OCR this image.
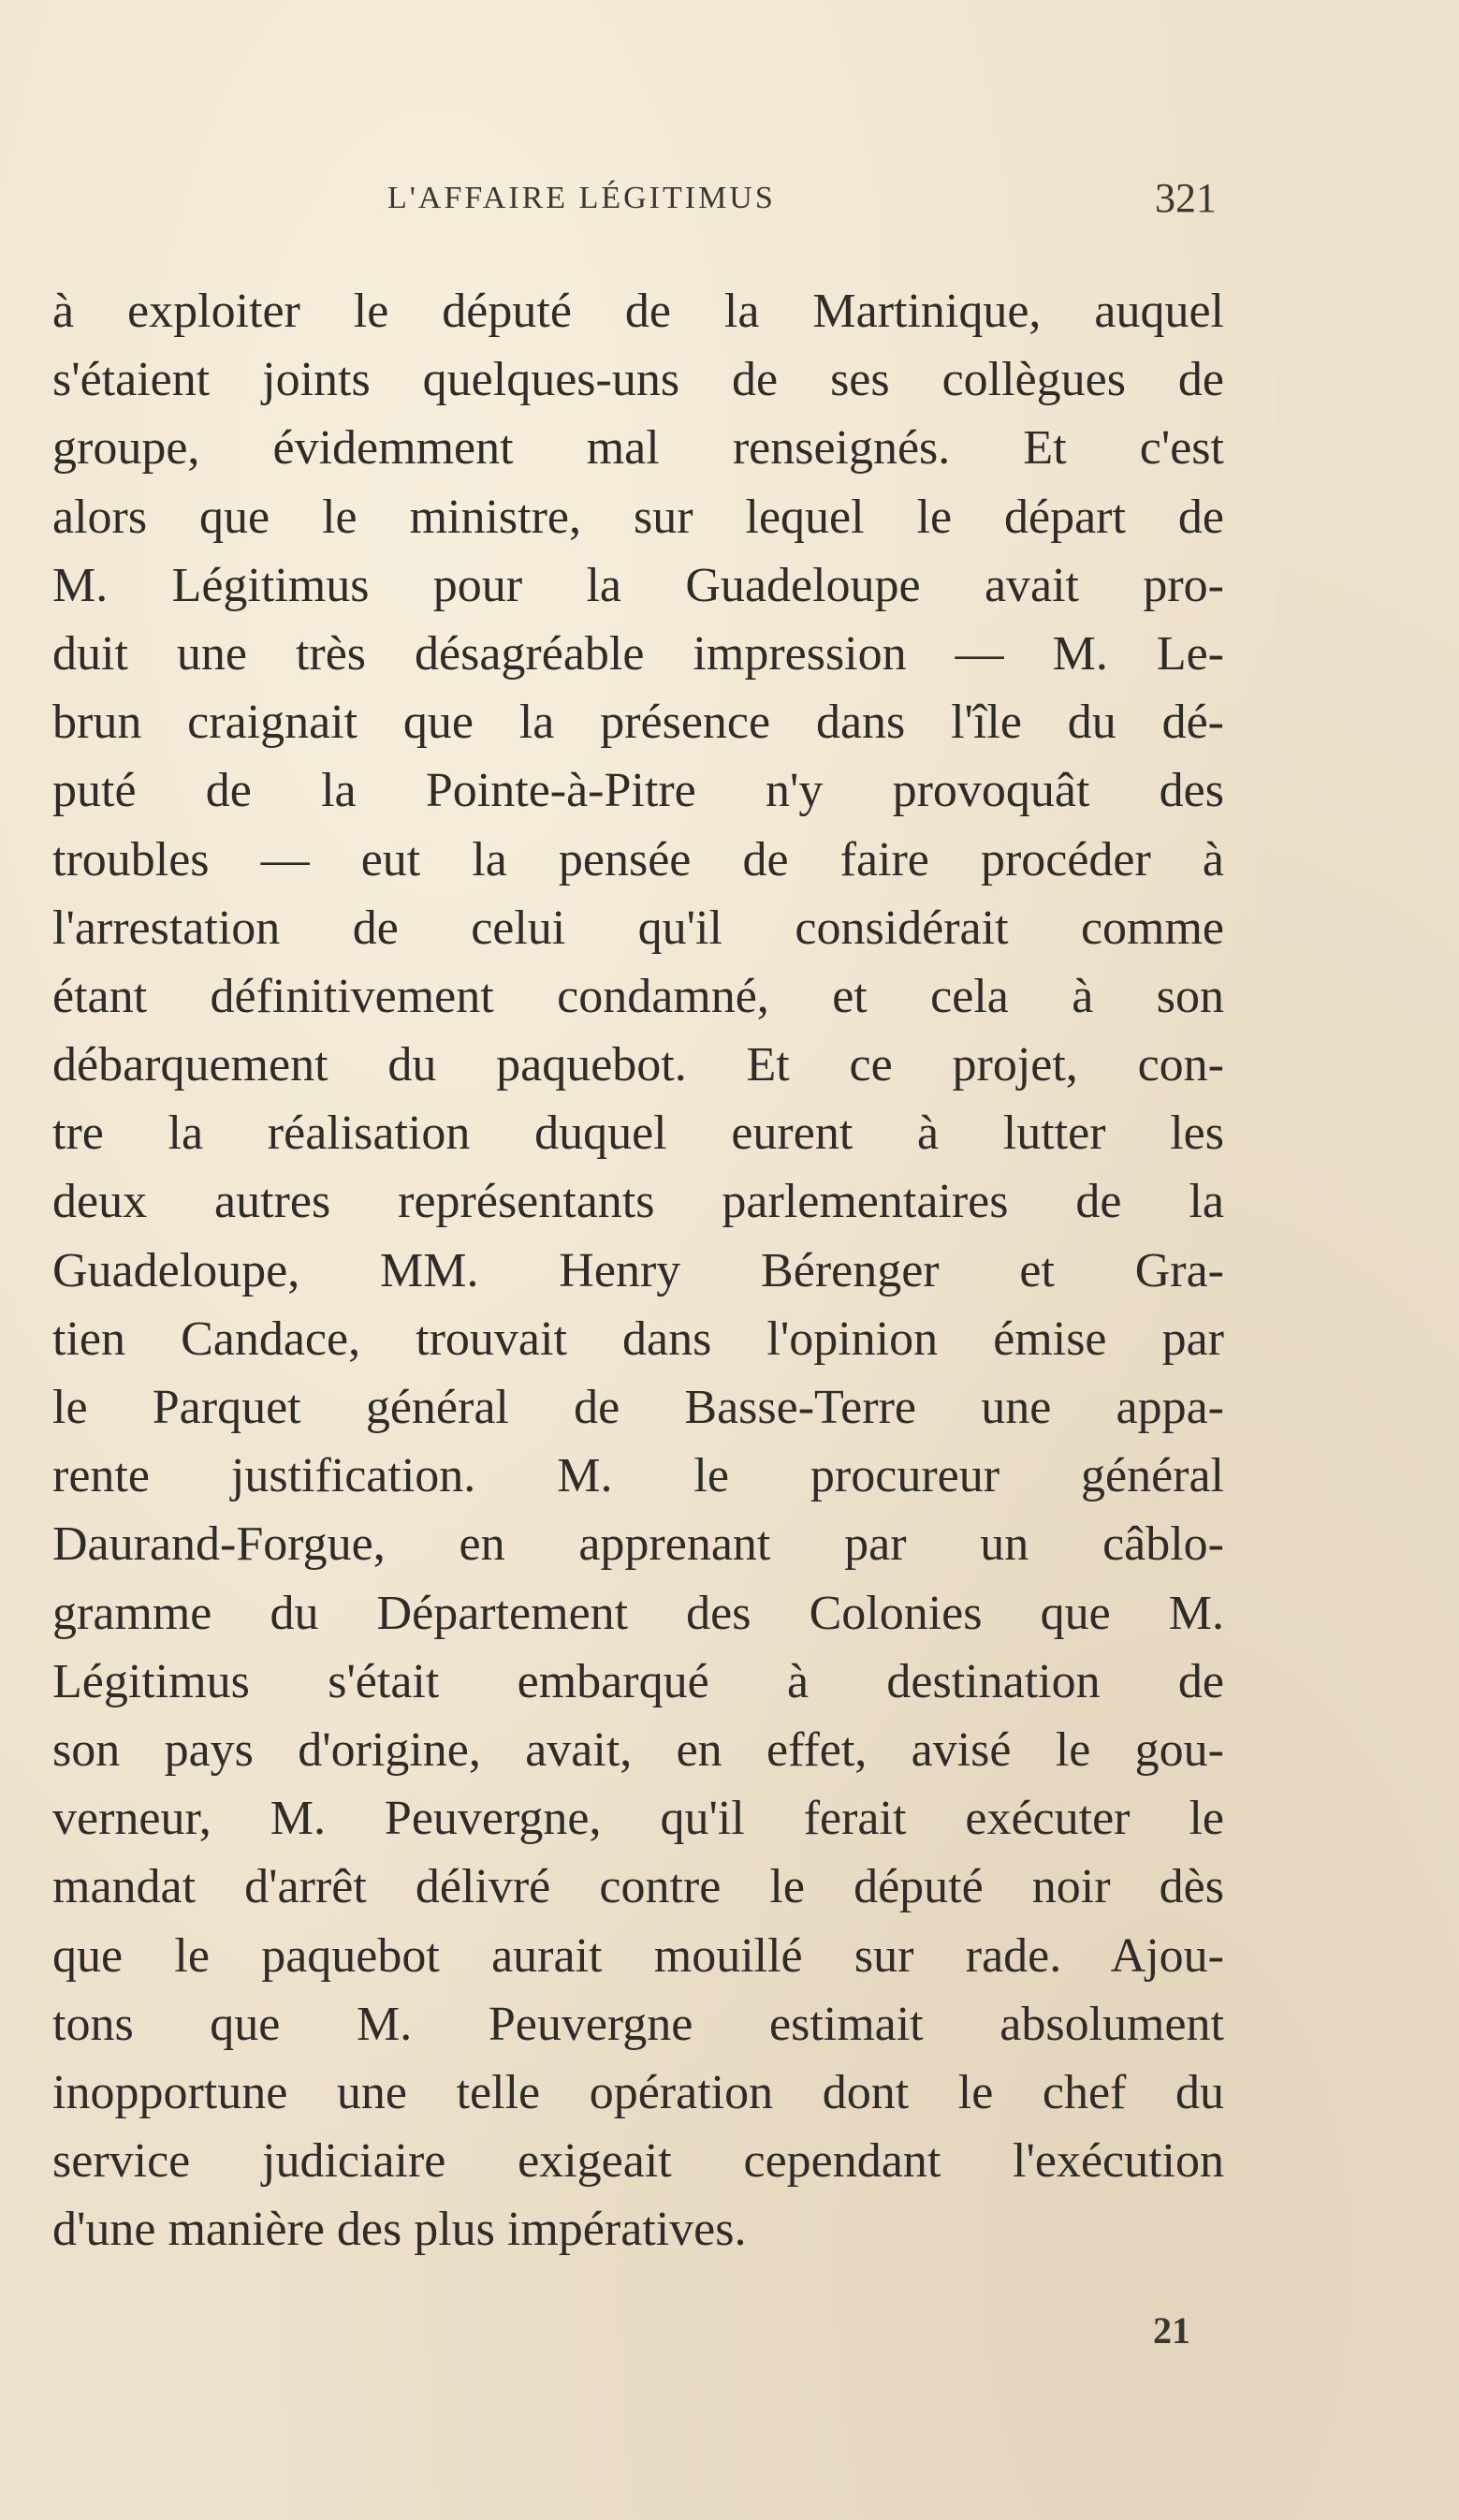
L'AFFAIRE LÉGITIMUS	321
à exploiter le député de la Martinique, auquel
s'étaient joints quelques-uns de ses collègues de
groupe, évidemment mal renseignés. Et c'est
alors que le ministre, sur lequel le départ de
M. Légitimus pour la Guadeloupe avait pro-
duit une très désagréable impression — M. Le-
brun craignait que la présence dans l'île du dé-
puté de la Pointe-à-Pitre n'y provoquât des
troubles — eut la pensée de faire procéder à
l'arrestation de celui qu'il considérait comme
étant définitivement condamné, et cela à son
débarquement du paquebot. Et ce projet, con-
tre la réalisation duquel eurent à lutter les
deux autres représentants parlementaires de la
Guadeloupe, MM. Henry Bérenger et Gra-
tien Candace, trouvait dans l'opinion émise par
le Parquet général de Basse-Terre une appa-
rente justification. M. le procureur général
Daurand-Forgue, en apprenant par un câblo-
gramme du Département des Colonies que M.
Légitimus s'était embarqué à destination de
son pays d'origine, avait, en effet, avisé le gou-
verneur, M. Peuvergne, qu'il ferait exécuter le
mandat d'arrêt délivré contre le député noir dès
que le paquebot aurait mouillé sur rade. Ajou-
tons que M. Peuvergne estimait absolument
inopportune une telle opération dont le chef du
service judiciaire exigeait cependant l'exécution
d'une manière des plus impératives.
21
